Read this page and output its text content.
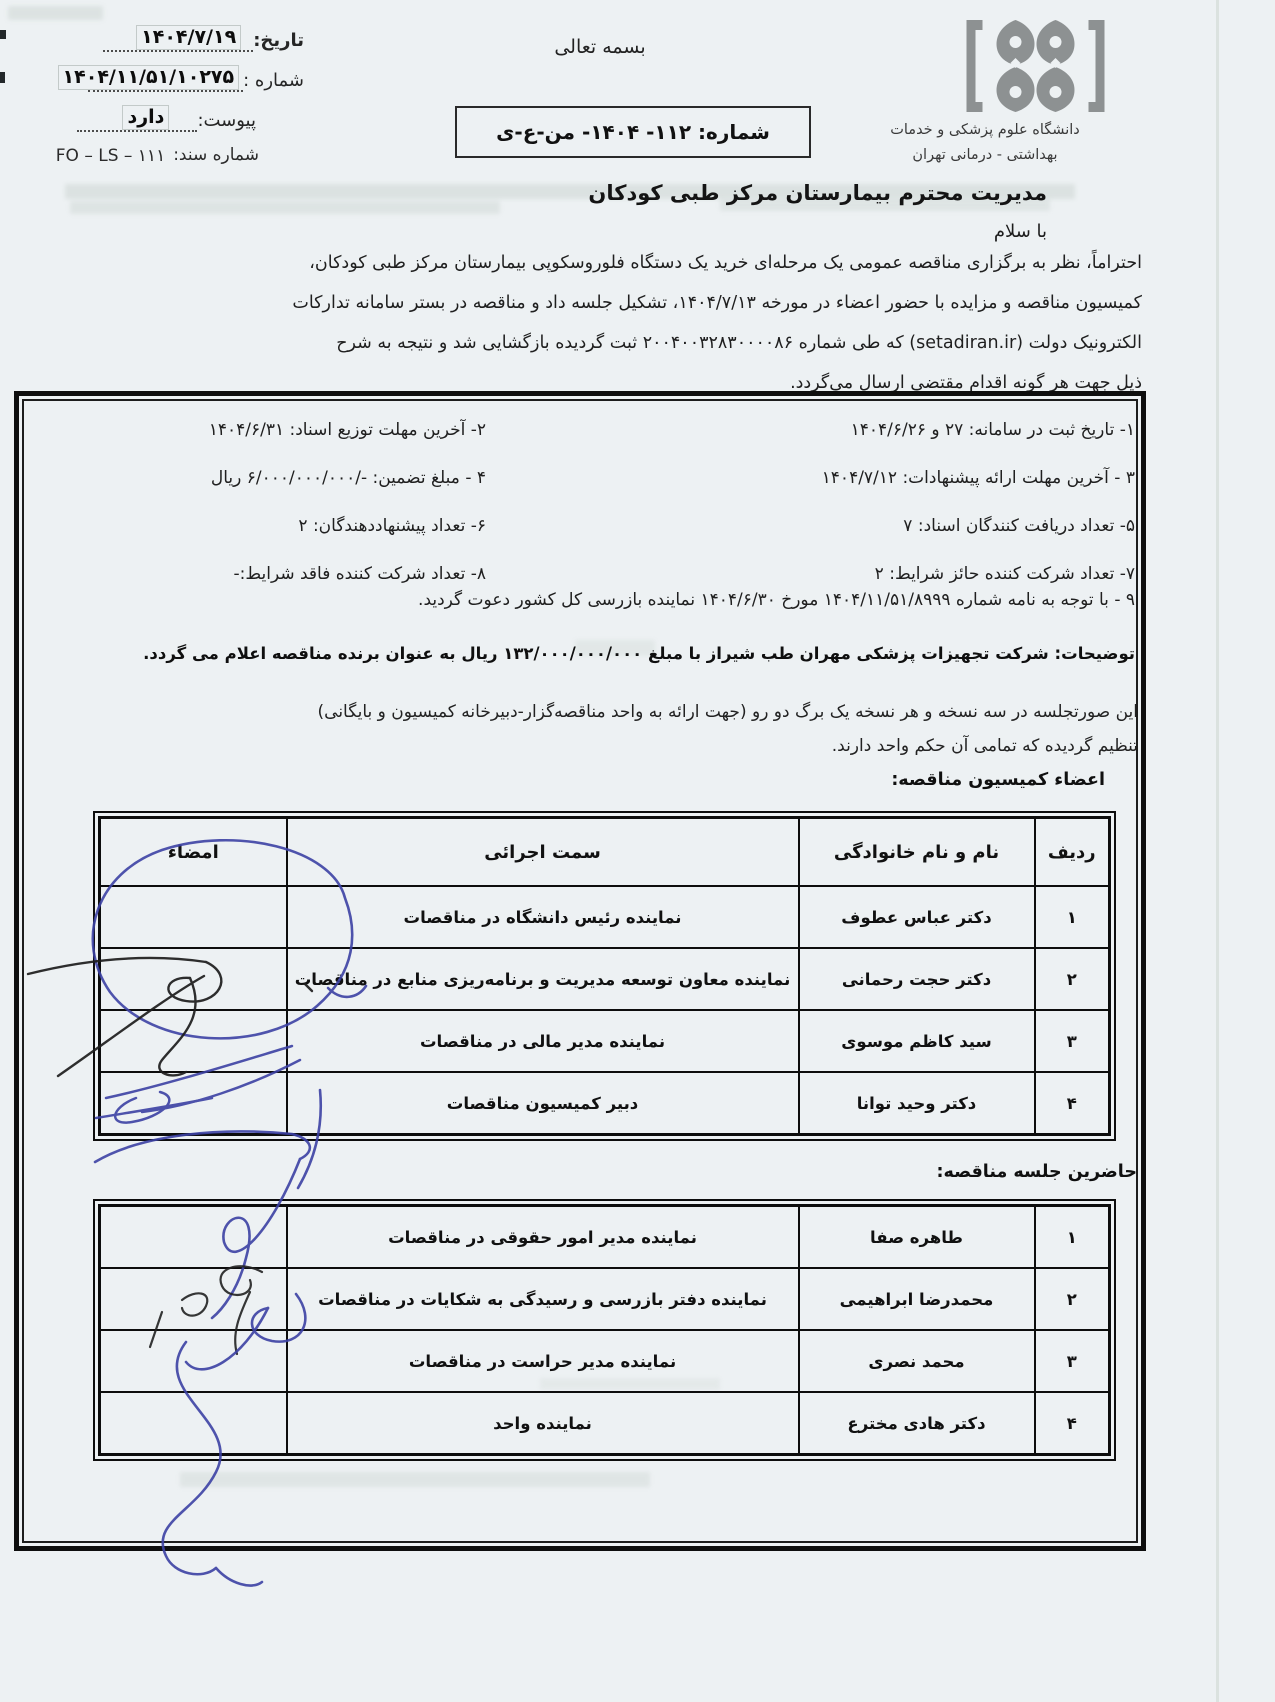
تاریخ:
۱۴۰۴/۷/۱۹
شماره :
۱۴۰۴/۱۱/۵۱/۱۰۲۷۵
پیوست:
دارد
شماره سند:
FO – LS – ۱۱۱
بسمه تعالی
شماره: ۱۱۲- ۱۴۰۴- من-ع-ی	دانشگاه علوم پزشکی و خدمات
بهداشتی - درمانی تهران
مدیریت محترم بیمارستان مرکز طبی کودکان
با سلام
احتراماً، نظر به برگزاری مناقصه عمومی یک مرحله‌ای خرید یک دستگاه فلوروسکوپی بیمارستان مرکز طبی کودکان،
کمیسیون مناقصه و مزایده با حضور اعضاء در مورخه ۱۴۰۴/۷/۱۳، تشکیل جلسه داد و مناقصه در بستر سامانه تدارکات
الکترونیک دولت (setadiran.ir) که طی شماره ۲۰۰۴۰۰۳۲۸۳۰۰۰۰۸۶ ثبت گردیده بازگشایی شد و نتیجه به شرح
ذیل جهت هر گونه اقدام مقتضی ارسال می‌گردد.
۱- تاریخ ثبت در سامانه: ۲۷ و ۱۴۰۴/۶/۲۶
۲- آخرین مهلت توزیع اسناد: ۱۴۰۴/۶/۳۱
۳ - آخرین مهلت ارائه پیشنهادات: ۱۴۰۴/۷/۱۲
۴ - مبلغ تضمین: -/۶/۰۰۰/۰۰۰/۰۰۰ ریال
۵- تعداد دریافت کنندگان اسناد: ۷
۶- تعداد پیشنهاددهندگان: ۲
۷- تعداد شرکت کننده حائز شرایط: ۲
۸- تعداد شرکت کننده فاقد شرایط:-
۹ - با توجه به نامه شماره ۱۴۰۴/۱۱/۵۱/۸۹۹۹ مورخ ۱۴۰۴/۶/۳۰ نماینده بازرسی کل کشور دعوت گردید.
توضیحات: شرکت تجهیزات پزشکی مهران طب شیراز با مبلغ ۱۳۲/۰۰۰/۰۰۰/۰۰۰ ریال به عنوان برنده مناقصه اعلام می گردد.
این صورتجلسه در سه نسخه و هر نسخه یک برگ دو رو (جهت ارائه به واحد مناقصه‌گزار-دبیرخانه کمیسیون و بایگانی)
تنظیم گردیده که تمامی آن حکم واحد دارند.
اعضاء کمیسیون مناقصه:
ردیف	نام و نام خانوادگی	سمت اجرائی	امضاء
۱	دکتر عباس عطوف	نماینده رئیس دانشگاه در مناقصات	
۲	دکتر حجت رحمانی	نماینده معاون توسعه مدیریت و برنامه‌ریزی منابع در مناقصات	
۳	سید کاظم موسوی	نماینده مدیر مالی در مناقصات	
۴	دکتر وحید توانا	دبیر کمیسیون مناقصات	
حاضرین جلسه مناقصه:
۱	طاهره صفا	نماینده مدیر امور حقوقی در مناقصات	
۲	محمدرضا ابراهیمی	نماینده دفتر بازرسی و رسیدگی به شکایات در مناقصات	
۳	محمد نصری	نماینده مدیر حراست در مناقصات	
۴	دکتر هادی مخترع	نماینده واحد	
